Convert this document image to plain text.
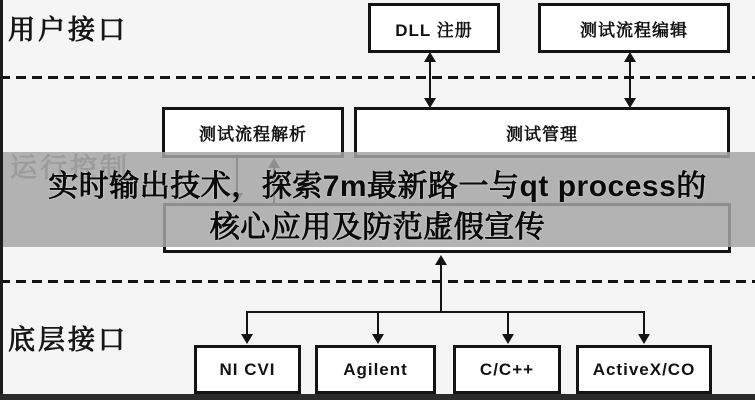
用户接口
底层接口
DLL 注册	测试流程编辑
测试流程解析	测试管理
NI CVI	Agilent	C/C++	ActiveX/CO
实时输出技术，探索7m最新路一与qt process的
核心应用及防范虚假宣传
